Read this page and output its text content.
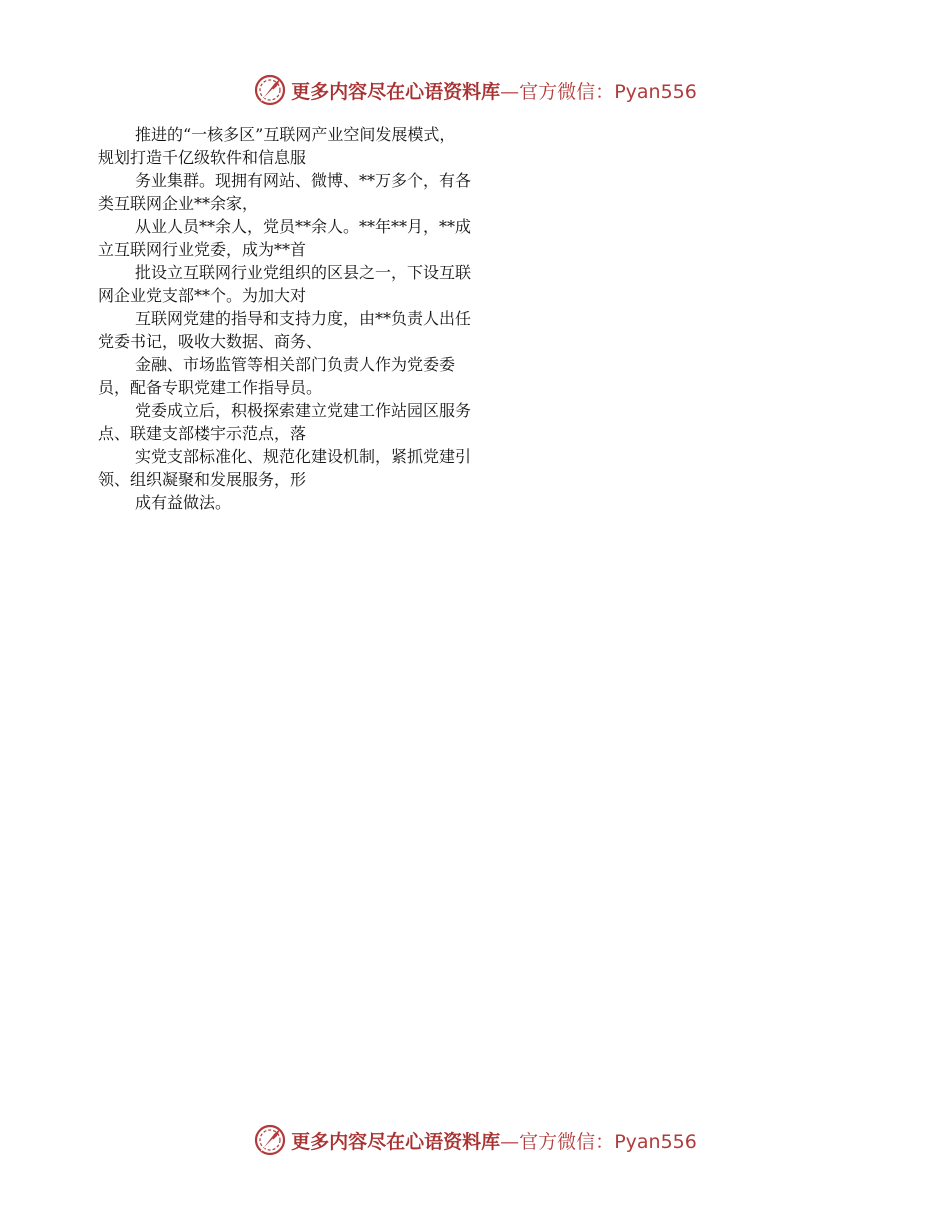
更多内容尽在心语资料库—官方微信：Pyan556
推进的“一核多区”互联网产业空间发展模式，
规划打造千亿级软件和信息服
务业集群。现拥有网站、微博、**万多个，有各
类互联网企业**余家，
从业人员**余人，党员**余人。**年**月，**成
立互联网行业党委，成为**首
批设立互联网行业党组织的区县之一，下设互联
网企业党支部**个。为加大对
互联网党建的指导和支持力度，由**负责人出任
党委书记，吸收大数据、商务、
金融、市场监管等相关部门负责人作为党委委
员，配备专职党建工作指导员。
党委成立后，积极探索建立党建工作站园区服务
点、联建支部楼宇示范点，落
实党支部标准化、规范化建设机制，紧抓党建引
领、组织凝聚和发展服务，形
成有益做法。
更多内容尽在心语资料库—官方微信：Pyan556
